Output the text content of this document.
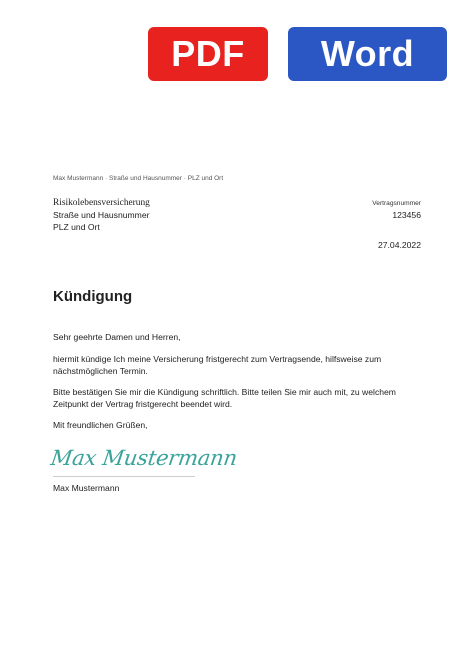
PDF Word
Max Mustermann · Straße und Hausnummer · PLZ und Ort
Risikolebensversicherung
Straße und Hausnummer
PLZ und Ort
Vertragsnummer
123456
27.04.2022
Kündigung
Sehr geehrte Damen und Herren,
hiermit kündige Ich meine Versicherung fristgerecht zum Vertragsende, hilfsweise zum nächstmöglichen Termin.
Bitte bestätigen Sie mir die Kündigung schriftlich. Bitte teilen Sie mir auch mit, zu welchem Zeitpunkt der Vertrag fristgerecht beendet wird.
Mit freundlichen Grüßen,
Max Mustermann
Max Mustermann
